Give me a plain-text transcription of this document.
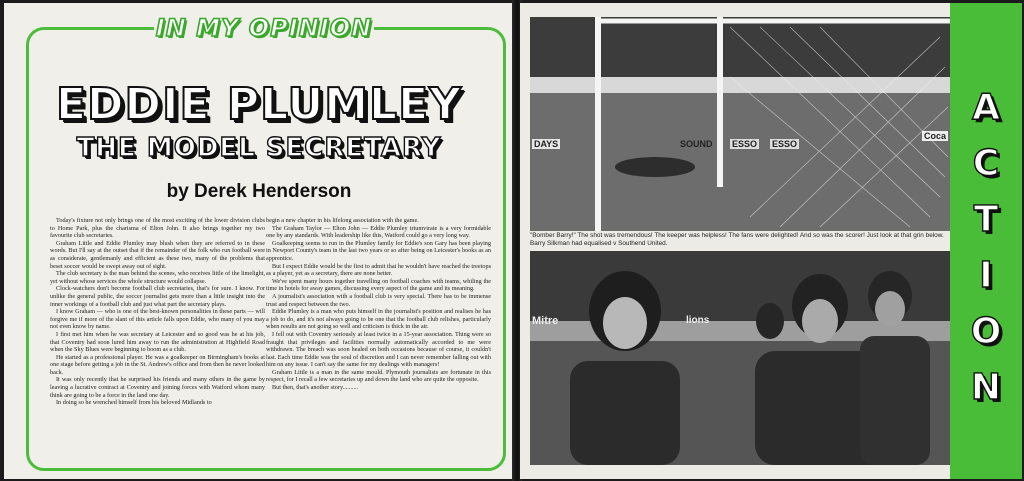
IN MY OPINION
EDDIE PLUMLEY
THE MODEL SECRETARY
by Derek Henderson

Today's fixture not only brings one of the most exciting of the lower division clubs to Home Park, plus the charisma of Elton John. It also brings together my two favourite club secretaries.

Graham Little and Eddie Plumley may blush when they are referred to in these words. But I'll say at the outset that if the remainder of the folk who run football were as considerate, gentlemanly and efficient as these two, many of the problems that beset soccer would be swept away out of sight.

The club secretary is the man behind the scenes, who receives little of the limelight, yet without whose services the whole structure would collapse.

Clock-watchers don't become football club secretaries, that's for sure. I know. For unlike the general public, the soccer journalist gets more than a little insight into the inner workings of a football club and just what part the secretary plays.

I know Graham — who is one of the best-known personalities in these parts — will forgive me if more of the slant of this article falls upon Eddie, who many of you may not even know by name.

I first met him when he was secretary at Leicester and so good was he at his job, that Coventry had soon lured him away to run the administration at Highfield Road when the Sky Blues were beginning to boom as a club.

He started as a professional player. He was a goalkeeper on Birmingham's books at one stage before getting a job in the St. Andrew's office and from then he never looked back.

It was only recently that he surprised his friends and many others in the game by leaving a lucrative contract at Coventry and joining forces with Watford whom many think are going to be a force in the land one day.

In doing so he wrenched himself from his beloved Midlands to

begin a new chapter in his lifelong association with the game.

The Graham Taylor — Elton John — Eddie Plumley triumvirate is a very formidable one by any standards. With leadership like this, Watford could go a very long way.

Goalkeeping seems to run in the Plumley family for Eddie's son Gary has been playing in Newport County's team in the last two years or so after being on Leicester's books as an apprentice.

But I expect Eddie would be the first to admit that he wouldn't have reached the treetops as a player, yet as a secretary, there are none better.

We've spent many hours together travelling on football coaches with teams, whiling the time in hotels for away games, discussing every aspect of the game and its meaning.

A journalist's association with a football club is very special. There has to be immense trust and respect between the two.

Eddie Plumley is a man who puts himself in the journalist's position and realises he has a job to do, and it's not always going to be one that the football club relishes, particularly when results are not going so well and criticism is thick in the air.

I fell out with Coventry seriously at least twice in a 15-year association. Thing were so fraught that privileges and facilities normally automatically accorded to me were withdrawn. The breach was soon healed on both occasions because of course, it couldn't last. Each time Eddie was the soul of discretion and I can never remember falling out with him on any issue. I can't say the same for my dealings with managers!

Graham Little is a man in the same mould. Plymouth journalists are fortunate in this respect, for I recall a few secretaries up and down the land who are quite the opposite.

But then, that's another story..........

DAYS	SOUND ESSO ESSO
Coca
"Bomber Barry!" The shot was tremendous! The keeper was helpless! The fans were delighted! And so was the scorer! Just look at that grin below. Barry Silkman had equalised v Southend United.
Mitre	lions
A
C
T
I
O
N
